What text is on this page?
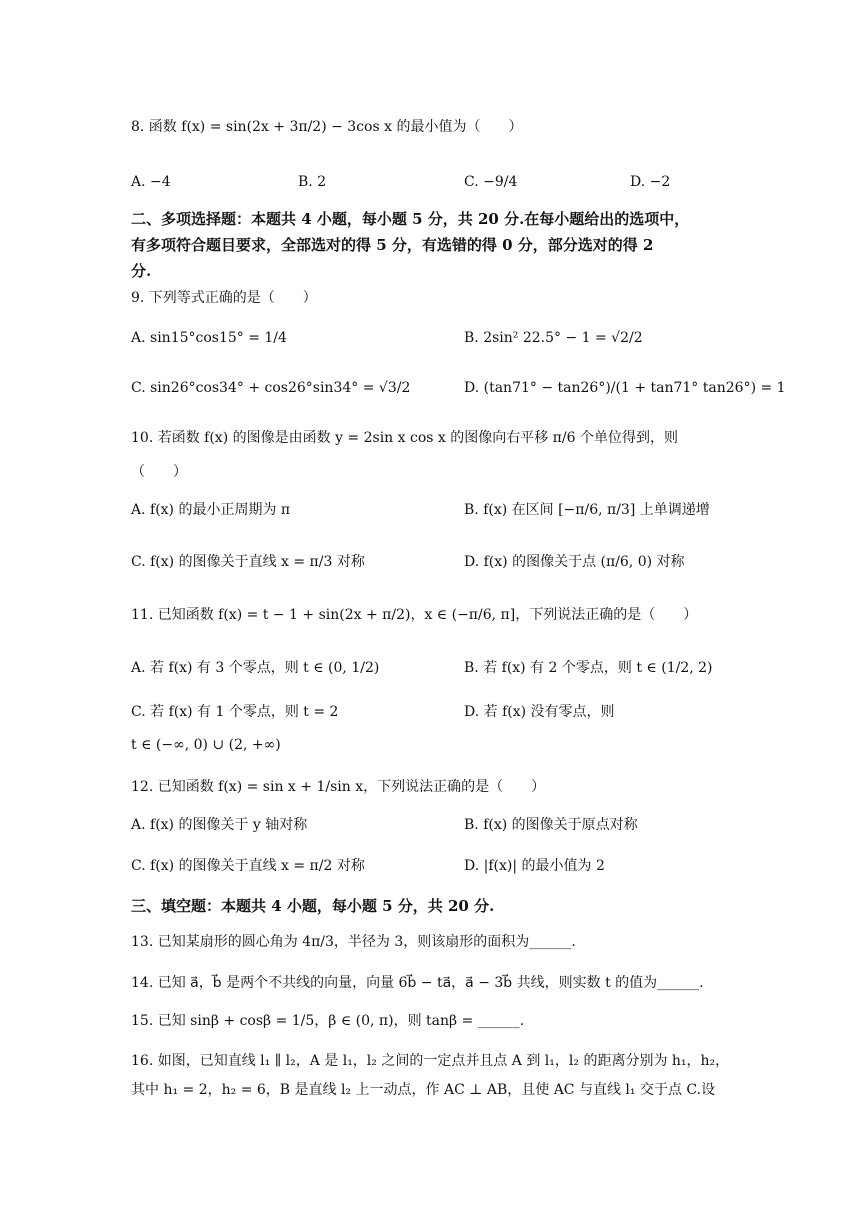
8. 函数 f(x) = sin(2x + 3π/2) − 3cos x 的最小值为（　　）
A. −4	B. 2	C. −9/4	D. −2
二、多项选择题：本题共 4 小题，每小题 5 分，共 20 分.在每小题给出的选项中，
有多项符合题目要求，全部选对的得 5 分，有选错的得 0 分，部分选对的得 2
分.
9. 下列等式正确的是（　　）
A. sin15°cos15° = 1/4	B. 2sin² 22.5° − 1 = √2/2
C. sin26°cos34° + cos26°sin34° = √3/2	D. (tan71° − tan26°)/(1 + tan71° tan26°) = 1
10. 若函数 f(x) 的图像是由函数 y = 2sin x cos x 的图像向右平移 π/6 个单位得到，则
（　　）
A. f(x) 的最小正周期为 π	B. f(x) 在区间 [−π/6, π/3] 上单调递增
C. f(x) 的图像关于直线 x = π/3 对称	D. f(x) 的图像关于点 (π/6, 0) 对称
11. 已知函数 f(x) = t − 1 + sin(2x + π/2)，x ∈ (−π/6, π]，下列说法正确的是（　　）
A. 若 f(x) 有 3 个零点，则 t ∈ (0, 1/2)	B. 若 f(x) 有 2 个零点，则 t ∈ (1/2, 2)
C. 若 f(x) 有 1 个零点，则 t = 2	D. 若 f(x) 没有零点，则
t ∈ (−∞, 0) ∪ (2, +∞)
12. 已知函数 f(x) = sin x + 1/sin x，下列说法正确的是（　　）
A. f(x) 的图像关于 y 轴对称	B. f(x) 的图像关于原点对称
C. f(x) 的图像关于直线 x = π/2 对称	D. |f(x)| 的最小值为 2
三、填空题：本题共 4 小题，每小题 5 分，共 20 分.
13. 已知某扇形的圆心角为 4π/3，半径为 3，则该扇形的面积为______.
14. 已知 a⃗，b⃗ 是两个不共线的向量，向量 6b⃗ − ta⃗，a⃗ − 3b⃗ 共线，则实数 t 的值为______.
15. 已知 sinβ + cosβ = 1/5，β ∈ (0, π)，则 tanβ = ______.
16. 如图，已知直线 l₁ ∥ l₂，A 是 l₁，l₂ 之间的一定点并且点 A 到 l₁，l₂ 的距离分别为 h₁，h₂，
其中 h₁ = 2，h₂ = 6，B 是直线 l₂ 上一动点，作 AC ⊥ AB，且使 AC 与直线 l₁ 交于点 C.设
